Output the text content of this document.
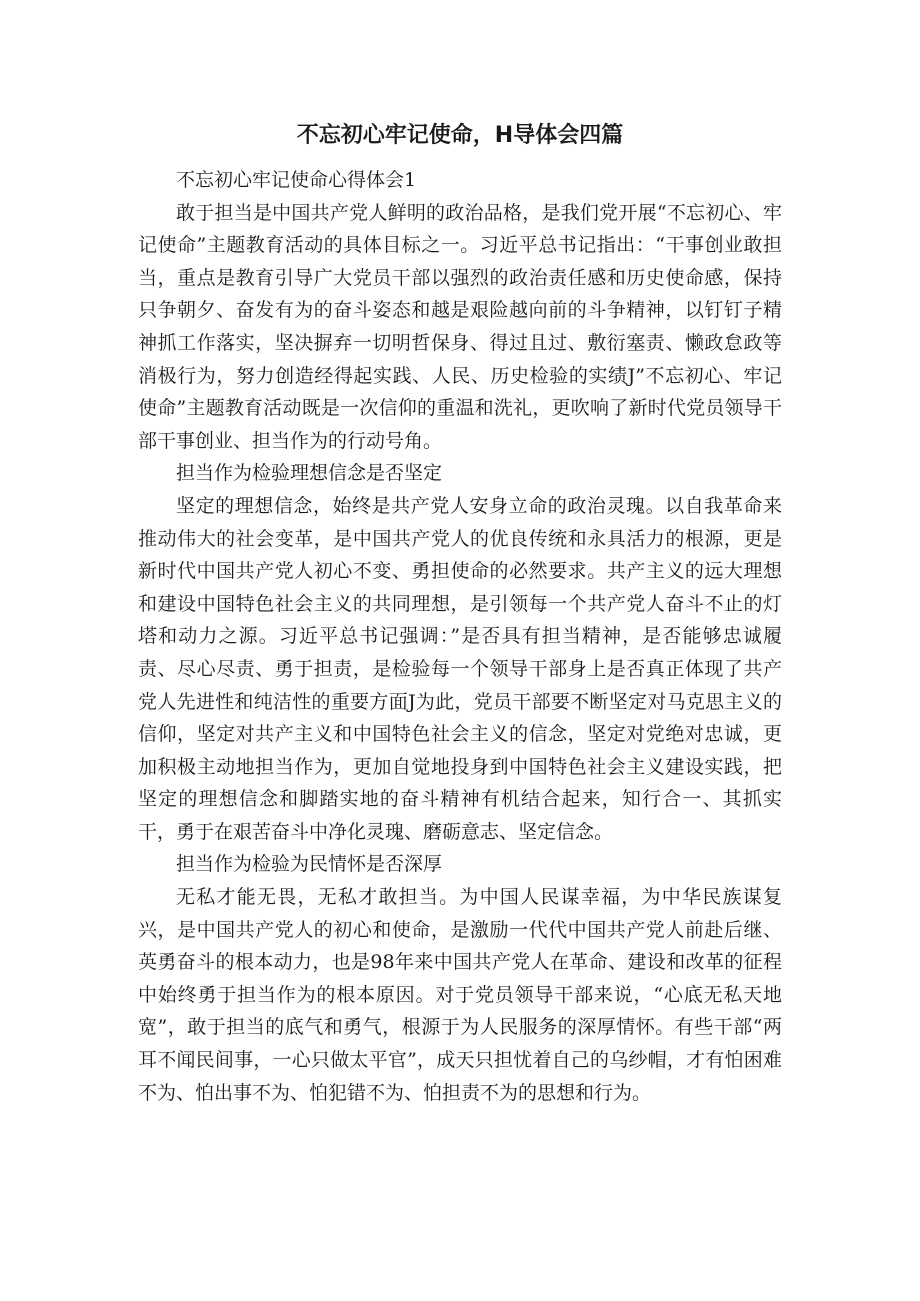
不忘初心牢记使命，H导体会四篇

不忘初心牢记使命心得体会1

敢于担当是中国共产党人鲜明的政治品格，是我们党开展“不忘初心、牢记使命”主题教育活动的具体目标之一。习近平总书记指出：“干事创业敢担当，重点是教育引导广大党员干部以强烈的政治责任感和历史使命感，保持只争朝夕、奋发有为的奋斗姿态和越是艰险越向前的斗争精神，以钉钉子精神抓工作落实，坚决摒弃一切明哲保身、得过且过、敷衍塞责、懒政怠政等消极行为，努力创造经得起实践、人民、历史检验的实绩J”不忘初心、牢记使命”主题教育活动既是一次信仰的重温和洗礼，更吹响了新时代党员领导干部干事创业、担当作为的行动号角。

担当作为检验理想信念是否坚定

坚定的理想信念，始终是共产党人安身立命的政治灵瑰。以自我革命来推动伟大的社会变革，是中国共产党人的优良传统和永具活力的根源，更是新时代中国共产党人初心不变、勇担使命的必然要求。共产主义的远大理想和建设中国特色社会主义的共同理想，是引领每一个共产党人奋斗不止的灯塔和动力之源。习近平总书记强调：”是否具有担当精神，是否能够忠诚履责、尽心尽责、勇于担责，是检验每一个领导干部身上是否真正体现了共产党人先进性和纯洁性的重要方面J为此，党员干部要不断坚定对马克思主义的信仰，坚定对共产主义和中国特色社会主义的信念，坚定对党绝对忠诚，更加积极主动地担当作为，更加自觉地投身到中国特色社会主义建设实践，把坚定的理想信念和脚踏实地的奋斗精神有机结合起来，知行合一、其抓实干，勇于在艰苦奋斗中净化灵瑰、磨砺意志、坚定信念。

担当作为检验为民情怀是否深厚

无私才能无畏，无私才敢担当。为中国人民谋幸福，为中华民族谋复兴，是中国共产党人的初心和使命，是激励一代代中国共产党人前赴后继、英勇奋斗的根本动力，也是98年来中国共产党人在革命、建设和改革的征程中始终勇于担当作为的根本原因。对于党员领导干部来说，“心底无私天地宽”，敢于担当的底气和勇气，根源于为人民服务的深厚情怀。有些干部“两耳不闻民间事，一心只做太平官”，成天只担忧着自己的乌纱帽，才有怕困难不为、怕出事不为、怕犯错不为、怕担责不为的思想和行为。
